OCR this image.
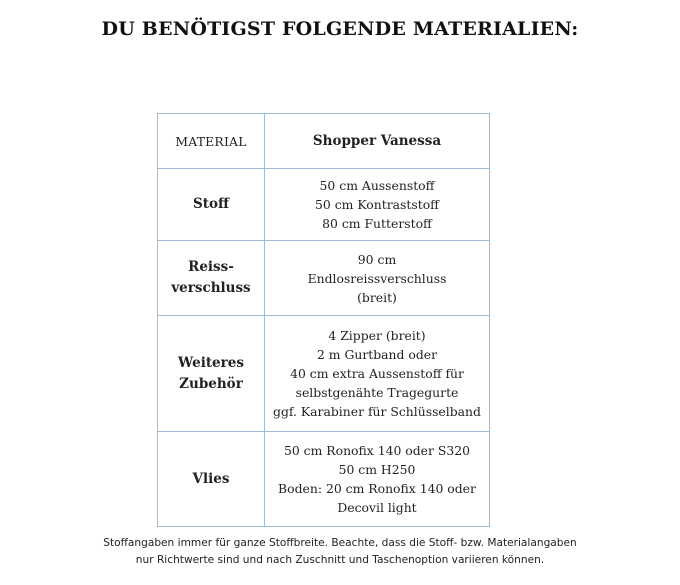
DU BENÖTIGST FOLGENDE MATERIALIEN:
MATERIAL	Shopper Vanessa

Stoff	50 cm Aussenstoff
50 cm Kontraststoff
80 cm Futterstoff

Reiss-
verschluss	90 cm
Endlosreissverschluss
(breit)

Weiteres
Zubehör	4 Zipper (breit)
2 m Gurtband oder
40 cm extra Aussenstoff für
selbstgenähte Tragegurte
ggf. Karabiner für Schlüsselband

Vlies	50 cm Ronofix 140 oder S320
50 cm H250
Boden: 20 cm Ronofix 140 oder
Decovil light
Stoffangaben immer für ganze Stoffbreite. Beachte, dass die Stoff- bzw. Materialangaben
nur Richtwerte sind und nach Zuschnitt und Taschenoption variieren können.
